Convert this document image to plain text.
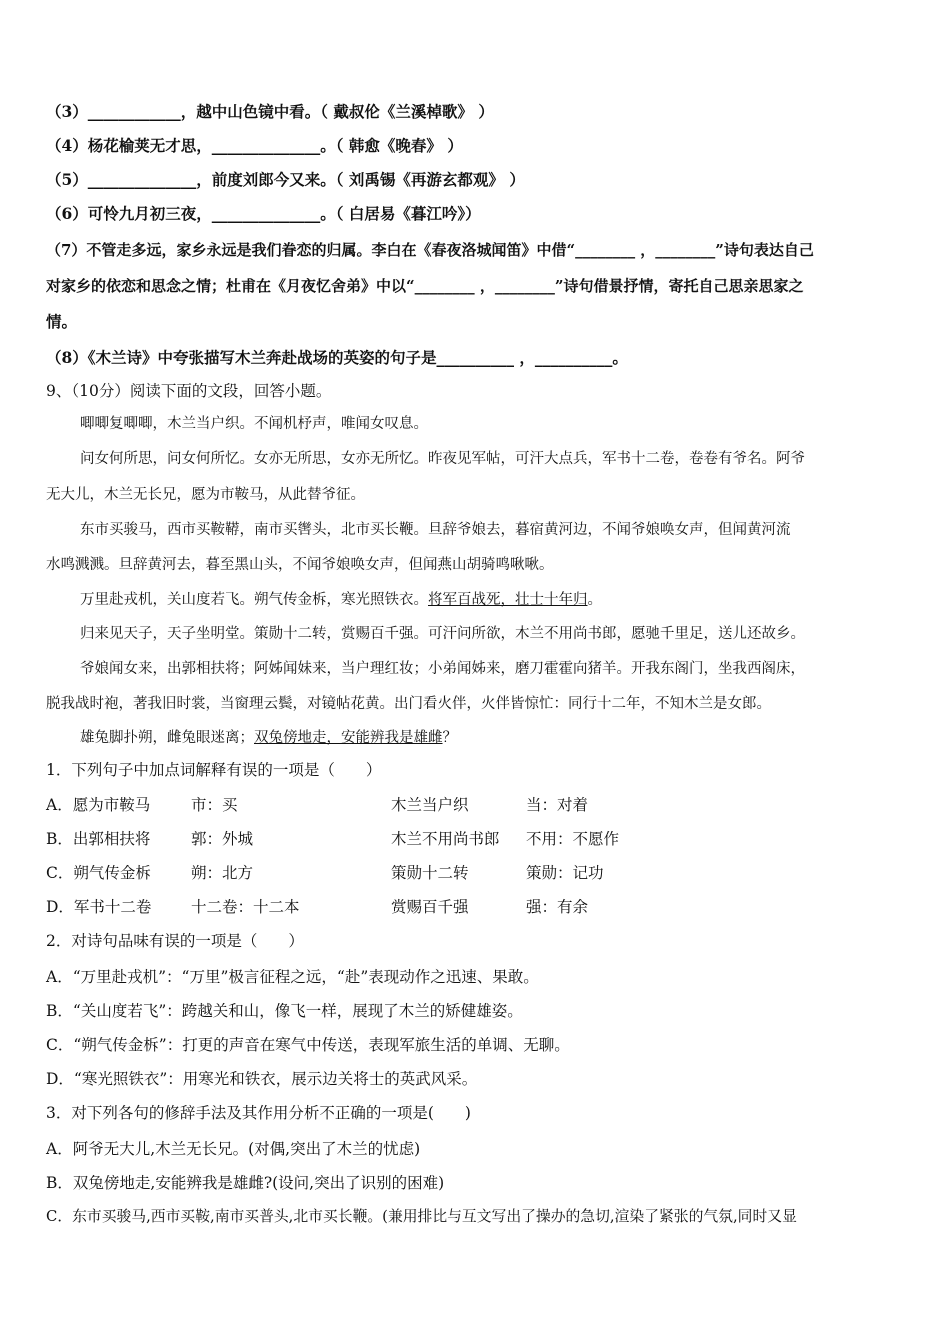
（3）____________，越中山色镜中看。（ 戴叔伦《兰溪棹歌》 ）
（4）杨花榆荚无才思，______________。（ 韩愈《晚春》 ）
（5）______________，前度刘郎今又来。（ 刘禹锡《再游玄都观》 ）
（6）可怜九月初三夜，______________。（ 白居易《暮江吟》）
（7）不管走多远，家乡永远是我们眷恋的归属。李白在《春夜洛城闻笛》中借“________ ，________”诗句表达自己
对家乡的依恋和思念之情；杜甫在《月夜忆舍弟》中以“________ ，________”诗句借景抒情，寄托自己思亲思家之
情。
（8）《木兰诗》中夸张描写木兰奔赴战场的英姿的句子是__________ ，__________。
9、（10分）阅读下面的文段，回答小题。
唧唧复唧唧，木兰当户织。不闻机杼声，唯闻女叹息。
问女何所思，问女何所忆。女亦无所思，女亦无所忆。昨夜见军帖，可汗大点兵，军书十二卷，卷卷有爷名。阿爷
无大儿，木兰无长兄，愿为市鞍马，从此替爷征。
东市买骏马，西市买鞍鞯，南市买辔头，北市买长鞭。旦辞爷娘去，暮宿黄河边，不闻爷娘唤女声，但闻黄河流
水鸣溅溅。旦辞黄河去，暮至黑山头，不闻爷娘唤女声，但闻燕山胡骑鸣啾啾。
万里赴戎机，关山度若飞。朔气传金柝，寒光照铁衣。将军百战死，壮士十年归。
归来见天子，天子坐明堂。策勋十二转，赏赐百千强。可汗问所欲，木兰不用尚书郎，愿驰千里足，送儿还故乡。
爷娘闻女来，出郭相扶将；阿姊闻妹来，当户理红妆；小弟闻姊来，磨刀霍霍向猪羊。开我东阁门，坐我西阁床，
脱我战时袍，著我旧时裳，当窗理云鬓，对镜帖花黄。出门看火伴，火伴皆惊忙：同行十二年，不知木兰是女郎。
雄兔脚扑朔，雌兔眼迷离；双兔傍地走，安能辨我是雄雌？
1．下列句子中加点词解释有误的一项是（　　）
A．愿为市鞍马	市：买	木兰当户织	当：对着
B．出郭相扶将	郭：外城	木兰不用尚书郎 不用：不愿作
C．朔气传金柝	朔：北方	策勋十二转	策勋：记功
D．军书十二卷	十二卷：十二本	赏赐百千强	强：有余
2．对诗句品味有误的一项是（　　）
A．“万里赴戎机”：“万里”极言征程之远，“赴”表现动作之迅速、果敢。
B．“关山度若飞”：跨越关和山，像飞一样，展现了木兰的矫健雄姿。
C．“朔气传金柝”：打更的声音在寒气中传送，表现军旅生活的单调、无聊。
D．“寒光照铁衣”：用寒光和铁衣，展示边关将士的英武风采。
3．对下列各句的修辞手法及其作用分析不正确的一项是(　　)
A．阿爷无大儿,木兰无长兄。(对偶,突出了木兰的忧虑)
B．双兔傍地走,安能辨我是雄雌?(设问,突出了识别的困难)
C．东市买骏马,西市买鞍,南市买普头,北市买长鞭。(兼用排比与互文写出了操办的急切,渲染了紧张的气氛,同时又显
